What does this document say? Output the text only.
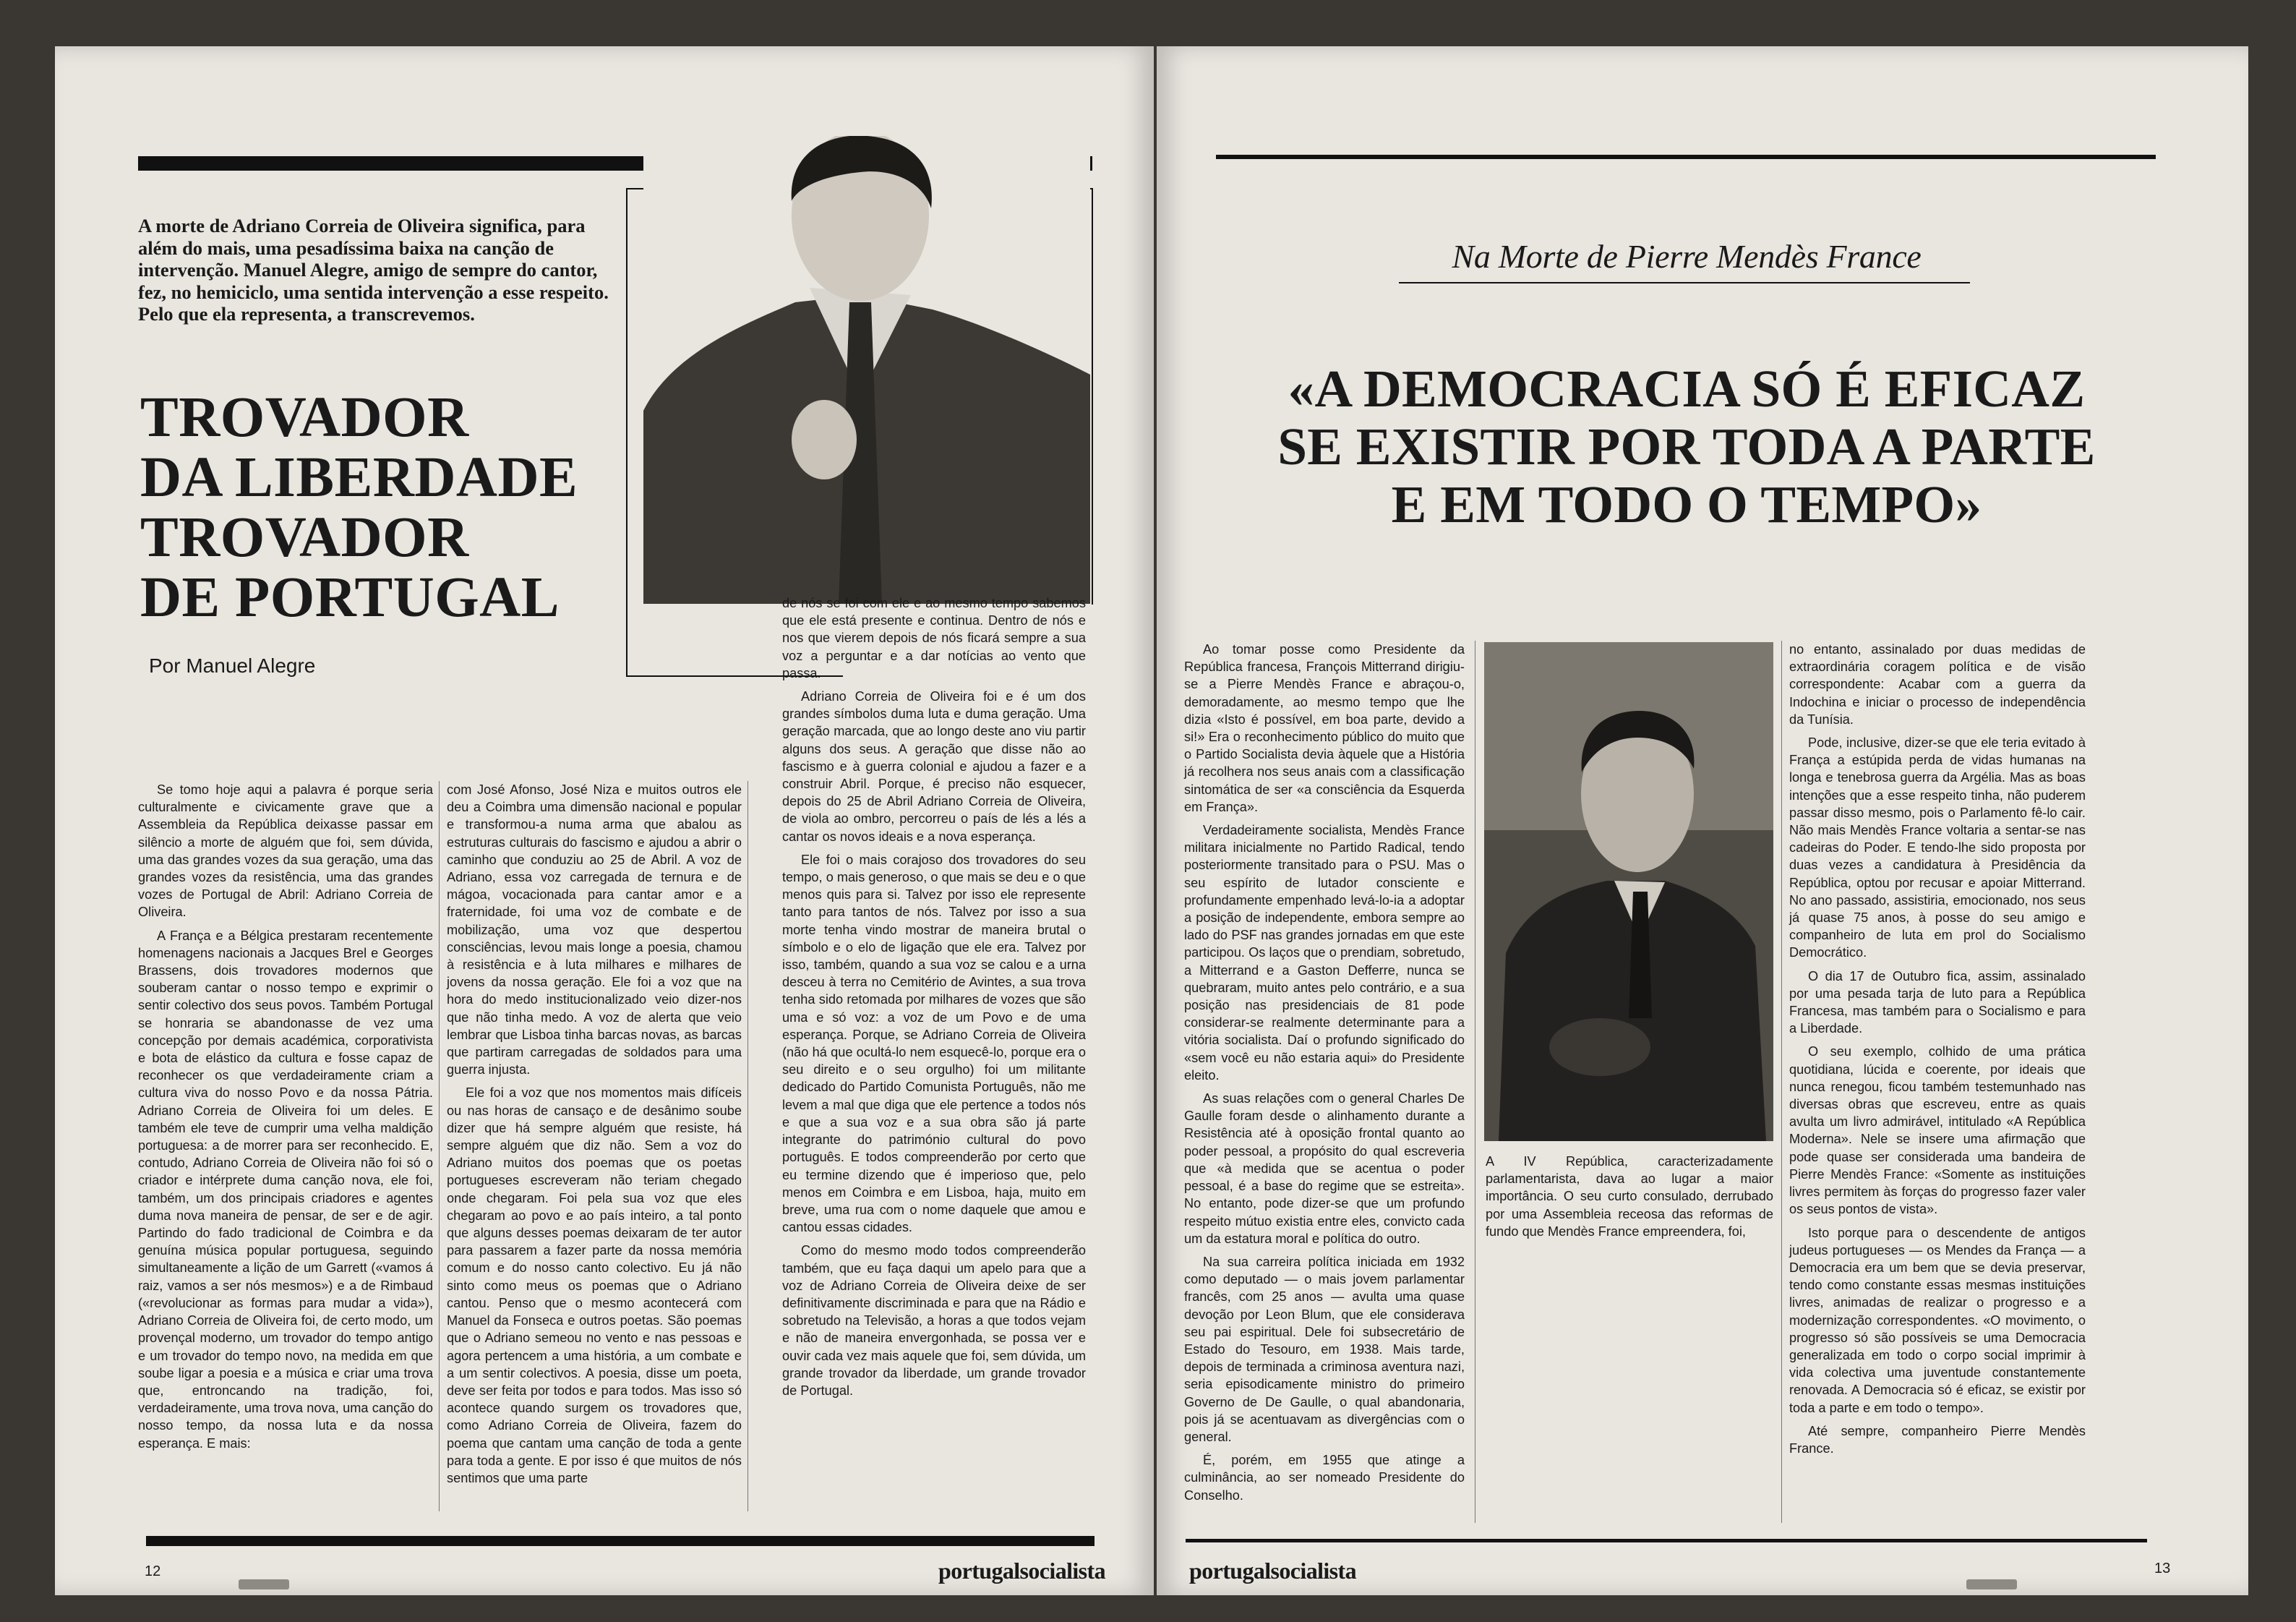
A morte de Adriano Correia de Oliveira significa, para além do mais, uma pesadíssima baixa na canção de intervenção. Manuel Alegre, amigo de sempre do cantor, fez, no hemiciclo, uma sentida intervenção a esse respeito. Pelo que ela representa, a transcrevemos.
TROVADOR
DA LIBERDADE
TROVADOR
DE PORTUGAL
Por Manuel Alegre

Se tomo hoje aqui a palavra é porque seria culturalmente e civicamente grave que a Assembleia da República deixasse passar em silêncio a morte de alguém que foi, sem dúvida, uma das grandes vozes da sua geração, uma das grandes vozes da resistência, uma das grandes vozes de Portugal de Abril: Adriano Correia de Oliveira.

A França e a Bélgica prestaram recentemente homenagens nacionais a Jacques Brel e Georges Brassens, dois trovadores modernos que souberam cantar o nosso tempo e exprimir o sentir colectivo dos seus povos. Também Portugal se honraria se abandonasse de vez uma concepção por demais académica, corporativista e bota de elástico da cultura e fosse capaz de reconhecer os que verdadeiramente criam a cultura viva do nosso Povo e da nossa Pátria. Adriano Correia de Oliveira foi um deles. E também ele teve de cumprir uma velha maldição portuguesa: a de morrer para ser reconhecido. E, contudo, Adriano Correia de Oliveira não foi só o criador e intérprete duma canção nova, ele foi, também, um dos principais criadores e agentes duma nova maneira de pensar, de ser e de agir. Partindo do fado tradicional de Coimbra e da genuína música popular portuguesa, seguindo simultaneamente a lição de um Garrett («vamos á raiz, vamos a ser nós mesmos») e a de Rimbaud («revolucionar as formas para mudar a vida»), Adriano Correia de Oliveira foi, de certo modo, um provençal moderno, um trovador do tempo antigo e um trovador do tempo novo, na medida em que soube ligar a poesia e a música e criar uma trova que, entroncando na tradição, foi, verdadeiramente, uma trova nova, uma canção do nosso tempo, da nossa luta e da nossa esperança. E mais:

com José Afonso, José Niza e muitos outros ele deu a Coimbra uma dimensão nacional e popular e transformou-a numa arma que abalou as estruturas culturais do fascismo e ajudou a abrir o caminho que conduziu ao 25 de Abril. A voz de Adriano, essa voz carregada de ternura e de mágoa, vocacionada para cantar amor e a fraternidade, foi uma voz de combate e de mobilização, uma voz que despertou consciências, levou mais longe a poesia, chamou à resistência e à luta milhares e milhares de jovens da nossa geração. Ele foi a voz que na hora do medo institucionalizado veio dizer-nos que não tinha medo. A voz de alerta que veio lembrar que Lisboa tinha barcas novas, as barcas que partiram carregadas de soldados para uma guerra injusta.

Ele foi a voz que nos momentos mais difíceis ou nas horas de cansaço e de desânimo soube dizer que há sempre alguém que resiste, há sempre alguém que diz não. Sem a voz do Adriano muitos dos poemas que os poetas portugueses escreveram não teriam chegado onde chegaram. Foi pela sua voz que eles chegaram ao povo e ao país inteiro, a tal ponto que alguns desses poemas deixaram de ter autor para passarem a fazer parte da nossa memória comum e do nosso canto colectivo. Eu já não sinto como meus os poemas que o Adriano cantou. Penso que o mesmo acontecerá com Manuel da Fonseca e outros poetas. São poemas que o Adriano semeou no vento e nas pessoas e agora pertencem a uma história, a um combate e a um sentir colectivos. A poesia, disse um poeta, deve ser feita por todos e para todos. Mas isso só acontece quando surgem os trovadores que, como Adriano Correia de Oliveira, fazem do poema que cantam uma canção de toda a gente para toda a gente. E por isso é que muitos de nós sentimos que uma parte

de nós se foi com ele e ao mesmo tempo sabemos que ele está presente e continua. Dentro de nós e nos que vierem depois de nós ficará sempre a sua voz a perguntar e a dar notícias ao vento que passa.

Adriano Correia de Oliveira foi e é um dos grandes símbolos duma luta e duma geração. Uma geração marcada, que ao longo deste ano viu partir alguns dos seus. A geração que disse não ao fascismo e à guerra colonial e ajudou a fazer e a construir Abril. Porque, é preciso não esquecer, depois do 25 de Abril Adriano Correia de Oliveira, de viola ao ombro, percorreu o país de lés a lés a cantar os novos ideais e a nova esperança.

Ele foi o mais corajoso dos trovadores do seu tempo, o mais generoso, o que mais se deu e o que menos quis para si. Talvez por isso ele represente tanto para tantos de nós. Talvez por isso a sua morte tenha vindo mostrar de maneira brutal o símbolo e o elo de ligação que ele era. Talvez por isso, também, quando a sua voz se calou e a urna desceu à terra no Cemitério de Avintes, a sua trova tenha sido retomada por milhares de vozes que são uma e só voz: a voz de um Povo e de uma esperança. Porque, se Adriano Correia de Oliveira (não há que ocultá-lo nem esquecê-lo, porque era o seu direito e o seu orgulho) foi um militante dedicado do Partido Comunista Português, não me levem a mal que diga que ele pertence a todos nós e que a sua voz e a sua obra são já parte integrante do património cultural do povo português. E todos compreenderão por certo que eu termine dizendo que é imperioso que, pelo menos em Coimbra e em Lisboa, haja, muito em breve, uma rua com o nome daquele que amou e cantou essas cidades.

Como do mesmo modo todos compreenderão também, que eu faça daqui um apelo para que a voz de Adriano Correia de Oliveira deixe de ser definitivamente discriminada e para que na Rádio e sobretudo na Televisão, a horas a que todos vejam e não de maneira envergonhada, se possa ver e ouvir cada vez mais aquele que foi, sem dúvida, um grande trovador da liberdade, um grande trovador de Portugal.

12	portugalsocialista
Na Morte de Pierre Mendès France
«A DEMOCRACIA SÓ É EFICAZ
SE EXISTIR POR TODA A PARTE
E EM TODO O TEMPO»

Ao tomar posse como Presidente da República francesa, François Mitterrand dirigiu-se a Pierre Mendès France e abraçou-o, demoradamente, ao mesmo tempo que lhe dizia «Isto é possível, em boa parte, devido a si!» Era o reconhecimento público do muito que o Partido Socialista devia àquele que a História já recolhera nos seus anais com a classificação sintomática de ser «a consciência da Esquerda em França».

Verdadeiramente socialista, Mendès France militara inicialmente no Partido Radical, tendo posteriormente transitado para o PSU. Mas o seu espírito de lutador consciente e profundamente empenhado levá-lo-ia a adoptar a posição de independente, embora sempre ao lado do PSF nas grandes jornadas em que este participou. Os laços que o prendiam, sobretudo, a Mitterrand e a Gaston Defferre, nunca se quebraram, muito antes pelo contrário, e a sua posição nas presidenciais de 81 pode considerar-se realmente determinante para a vitória socialista. Daí o profundo significado do «sem você eu não estaria aqui» do Presidente eleito.

As suas relações com o general Charles De Gaulle foram desde o alinhamento durante a Resistência até à oposição frontal quanto ao poder pessoal, a propósito do qual escreveria que «à medida que se acentua o poder pessoal, é a base do regime que se estreita». No entanto, pode dizer-se que um profundo respeito mútuo existia entre eles, convicto cada um da estatura moral e política do outro.

Na sua carreira política iniciada em 1932 como deputado — o mais jovem parlamentar francês, com 25 anos — avulta uma quase devoção por Leon Blum, que ele considerava seu pai espiritual. Dele foi subsecretário de Estado do Tesouro, em 1938. Mais tarde, depois de terminada a criminosa aventura nazi, seria episodicamente ministro do primeiro Governo de De Gaulle, o qual abandonaria, pois já se acentuavam as divergências com o general.

É, porém, em 1955 que atinge a culminância, ao ser nomeado Presidente do Conselho.

A IV República, caracterizadamente parlamentarista, dava ao lugar a maior importância. O seu curto consulado, derrubado por uma Assembleia receosa das reformas de fundo que Mendès France empreendera, foi,

no entanto, assinalado por duas medidas de extraordinária coragem política e de visão correspondente: Acabar com a guerra da Indochina e iniciar o processo de independência da Tunísia.

Pode, inclusive, dizer-se que ele teria evitado à França a estúpida perda de vidas humanas na longa e tenebrosa guerra da Argélia. Mas as boas intenções que a esse respeito tinha, não puderem passar disso mesmo, pois o Parlamento fê-lo cair. Não mais Mendès France voltaria a sentar-se nas cadeiras do Poder. E tendo-lhe sido proposta por duas vezes a candidatura à Presidência da República, optou por recusar e apoiar Mitterrand. No ano passado, assistiria, emocionado, nos seus já quase 75 anos, à posse do seu amigo e companheiro de luta em prol do Socialismo Democrático.

O dia 17 de Outubro fica, assim, assinalado por uma pesada tarja de luto para a República Francesa, mas também para o Socialismo e para a Liberdade.

O seu exemplo, colhido de uma prática quotidiana, lúcida e coerente, por ideais que nunca renegou, ficou também testemunhado nas diversas obras que escreveu, entre as quais avulta um livro admirável, intitulado «A República Moderna». Nele se insere uma afirmação que pode quase ser considerada uma bandeira de Pierre Mendès France: «Somente as instituições livres permitem às forças do progresso fazer valer os seus pontos de vista».

Isto porque para o descendente de antigos judeus portugueses — os Mendes da França — a Democracia era um bem que se devia preservar, tendo como constante essas mesmas instituições livres, animadas de realizar o progresso e a modernização correspondentes. «O movimento, o progresso só são possíveis se uma Democracia generalizada em todo o corpo social imprimir à vida colectiva uma juventude constantemente renovada. A Democracia só é eficaz, se existir por toda a parte e em todo o tempo».

Até sempre, companheiro Pierre Mendès France.

portugalsocialista	13
